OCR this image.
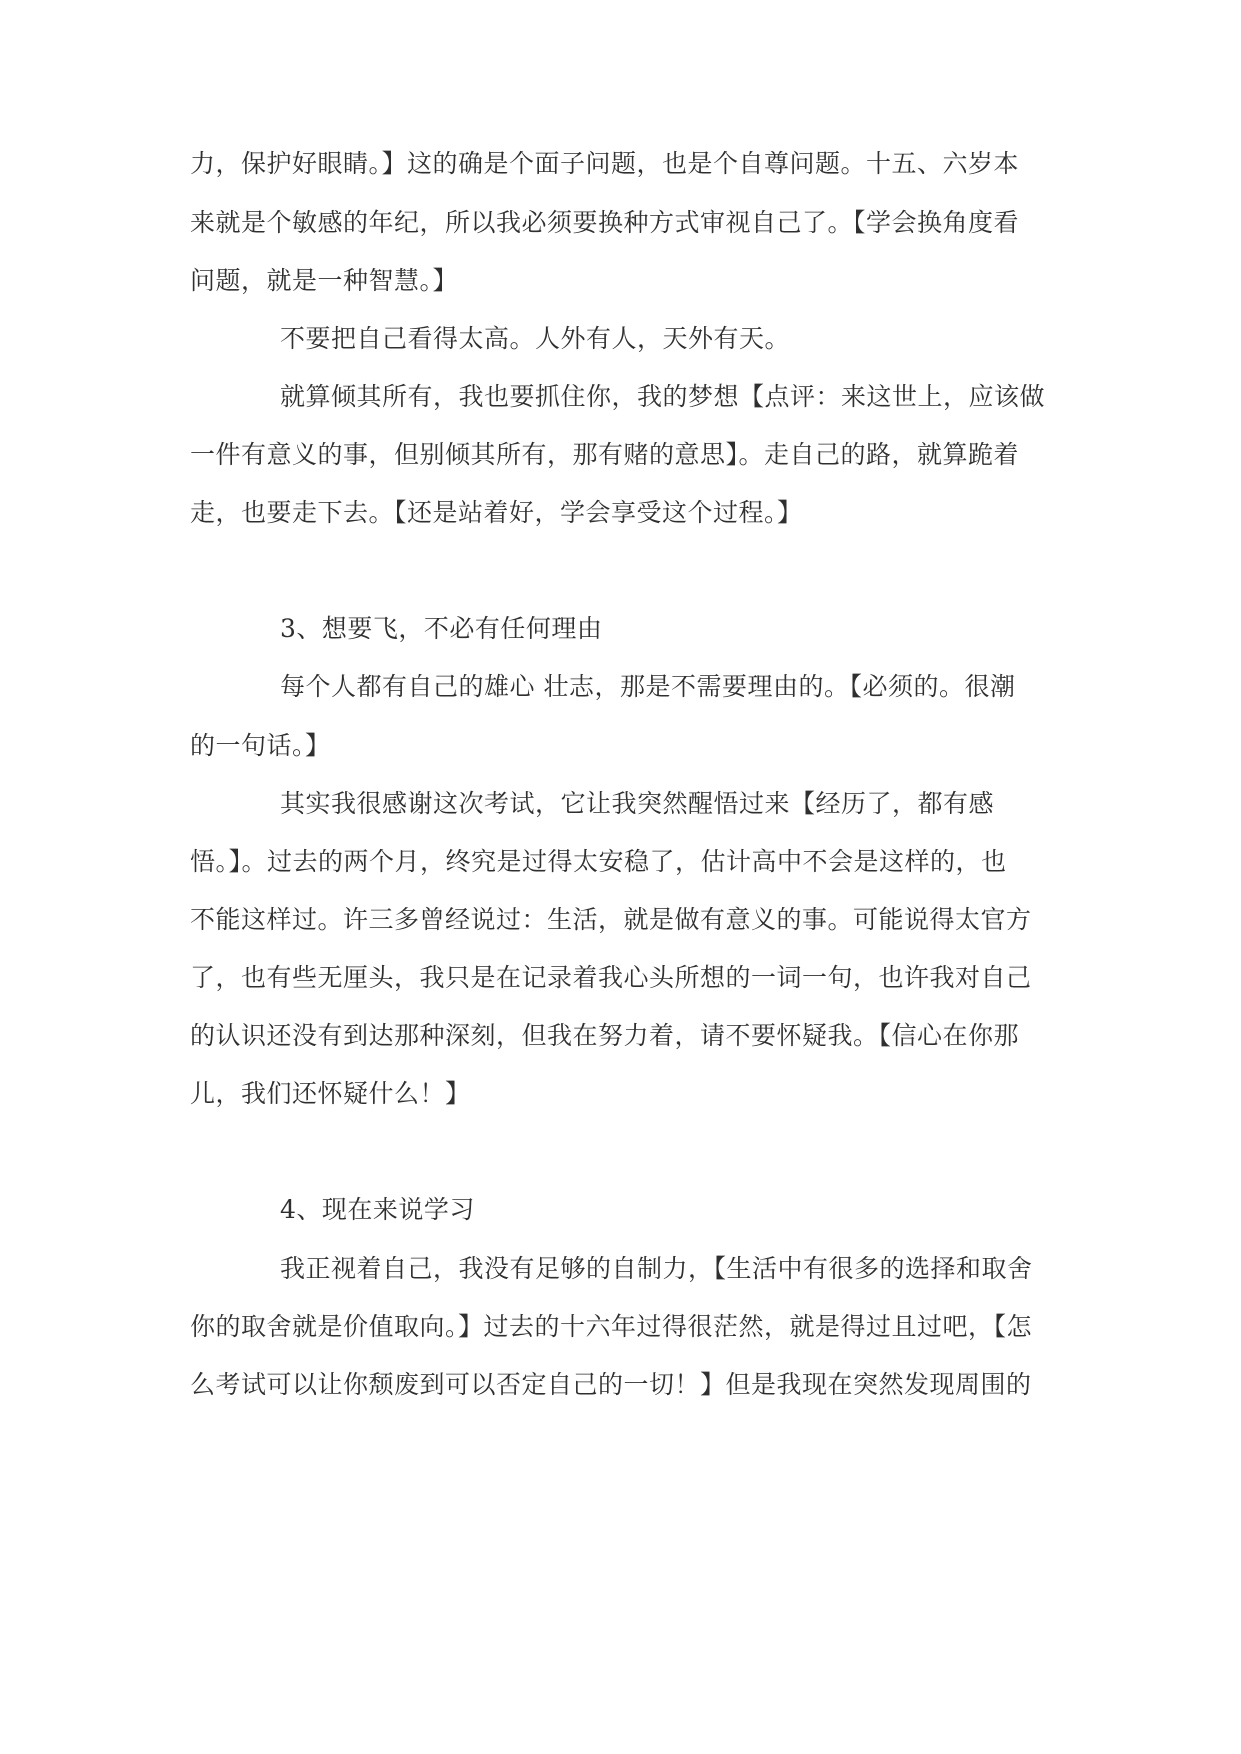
力，保护好眼睛。】这的确是个面子问题，也是个自尊问题。十五、六岁本
来就是个敏感的年纪，所以我必须要换种方式审视自己了。【学会换角度看
问题，就是一种智慧。】
不要把自己看得太高。人外有人，天外有天。
就算倾其所有，我也要抓住你，我的梦想【点评：来这世上，应该做
一件有意义的事，但别倾其所有，那有赌的意思】。走自己的路，就算跪着
走，也要走下去。【还是站着好，学会享受这个过程。】
3、想要飞，不必有任何理由
每个人都有自己的雄心 壮志，那是不需要理由的。【必须的。很潮
的一句话。】
其实我很感谢这次考试，它让我突然醒悟过来【经历了，都有感
悟。】。过去的两个月，终究是过得太安稳了，估计高中不会是这样的，也
不能这样过。许三多曾经说过：生活，就是做有意义的事。可能说得太官方
了，也有些无厘头，我只是在记录着我心头所想的一词一句，也许我对自己
的认识还没有到达那种深刻，但我在努力着，请不要怀疑我。【信心在你那
儿，我们还怀疑什么！】
4、现在来说学习
我正视着自己，我没有足够的自制力，【生活中有很多的选择和取舍
你的取舍就是价值取向。】过去的十六年过得很茫然，就是得过且过吧，【怎
么考试可以让你颓废到可以否定自己的一切！】但是我现在突然发现周围的
